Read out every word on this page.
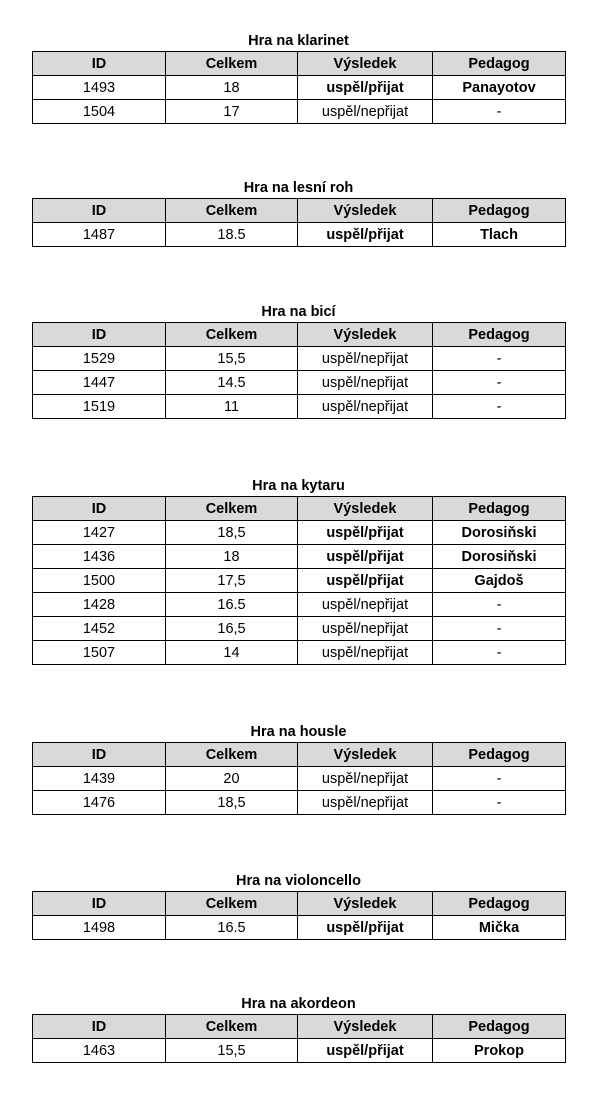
Hra na klarinet
ID	Celkem	Výsledek	Pedagog
1493	18	uspěl/přijat	Panayotov
1504	17	uspěl/nepřijat	-
Hra na lesní roh
ID	Celkem	Výsledek	Pedagog
1487	18.5	uspěl/přijat	Tlach
Hra na bicí
ID	Celkem	Výsledek	Pedagog
1529	15,5	uspěl/nepřijat	-
1447	14.5	uspěl/nepřijat	-
1519	11	uspěl/nepřijat	-
Hra na kytaru
ID	Celkem	Výsledek	Pedagog
1427	18,5	uspěl/přijat	Dorosiňski
1436	18	uspěl/přijat	Dorosiňski
1500	17,5	uspěl/přijat	Gajdoš
1428	16.5	uspěl/nepřijat	-
1452	16,5	uspěl/nepřijat	-
1507	14	uspěl/nepřijat	-
Hra na housle
ID	Celkem	Výsledek	Pedagog
1439	20	uspěl/nepřijat	-
1476	18,5	uspěl/nepřijat	-
Hra na violoncello
ID	Celkem	Výsledek	Pedagog
1498	16.5	uspěl/přijat	Mička
Hra na akordeon
ID	Celkem	Výsledek	Pedagog
1463	15,5	uspěl/přijat	Prokop
